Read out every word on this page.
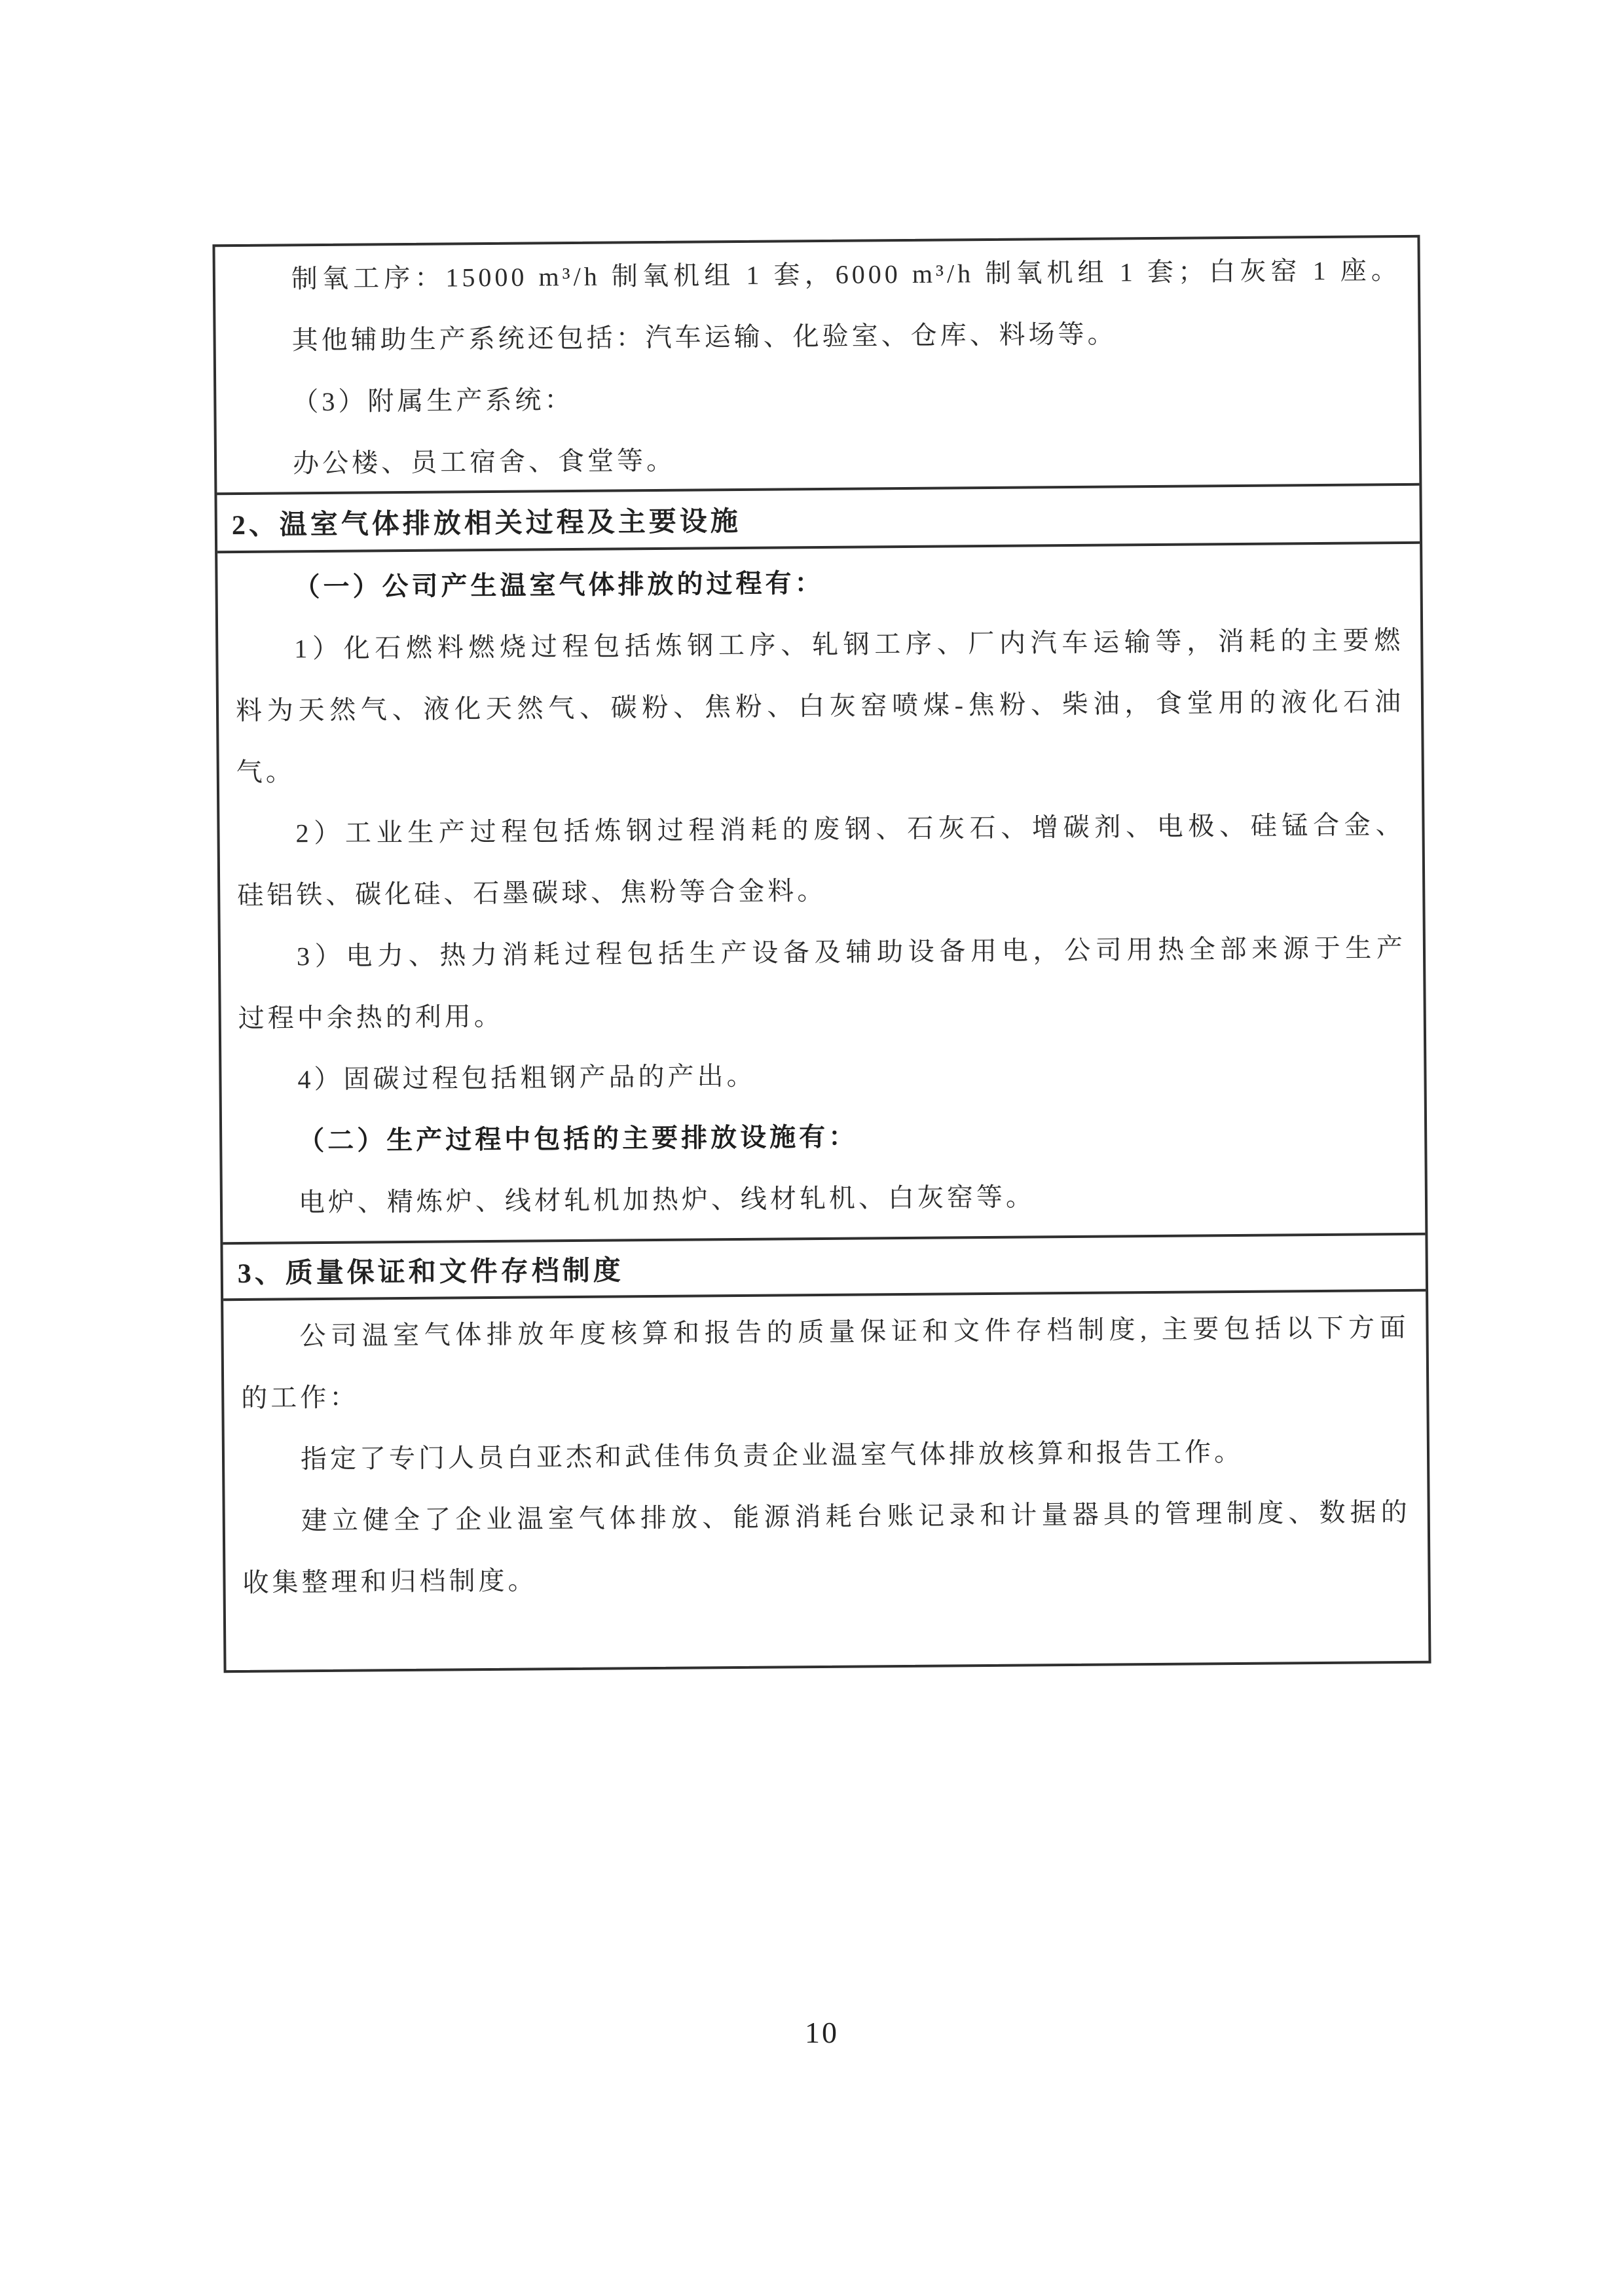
制氧工序：15000 m³/h 制氧机组 1 套，6000 m³/h 制氧机组 1 套；白灰窑 1 座。
其他辅助生产系统还包括：汽车运输、化验室、仓库、料场等。
（3）附属生产系统：
办公楼、员工宿舍、食堂等。
2、温室气体排放相关过程及主要设施
（一）公司产生温室气体排放的过程有：
1）化石燃料燃烧过程包括炼钢工序、轧钢工序、厂内汽车运输等，消耗的主要燃
料为天然气、液化天然气、碳粉、焦粉、白灰窑喷煤-焦粉、柴油，食堂用的液化石油
气。
2）工业生产过程包括炼钢过程消耗的废钢、石灰石、增碳剂、电极、硅锰合金、
硅铝铁、碳化硅、石墨碳球、焦粉等合金料。
3）电力、热力消耗过程包括生产设备及辅助设备用电，公司用热全部来源于生产
过程中余热的利用。
4）固碳过程包括粗钢产品的产出。
（二）生产过程中包括的主要排放设施有：
电炉、精炼炉、线材轧机加热炉、线材轧机、白灰窑等。
3、质量保证和文件存档制度
公司温室气体排放年度核算和报告的质量保证和文件存档制度, 主要包括以下方面
的工作：
指定了专门人员白亚杰和武佳伟负责企业温室气体排放核算和报告工作。
建立健全了企业温室气体排放、能源消耗台账记录和计量器具的管理制度、数据的
收集整理和归档制度。
10
